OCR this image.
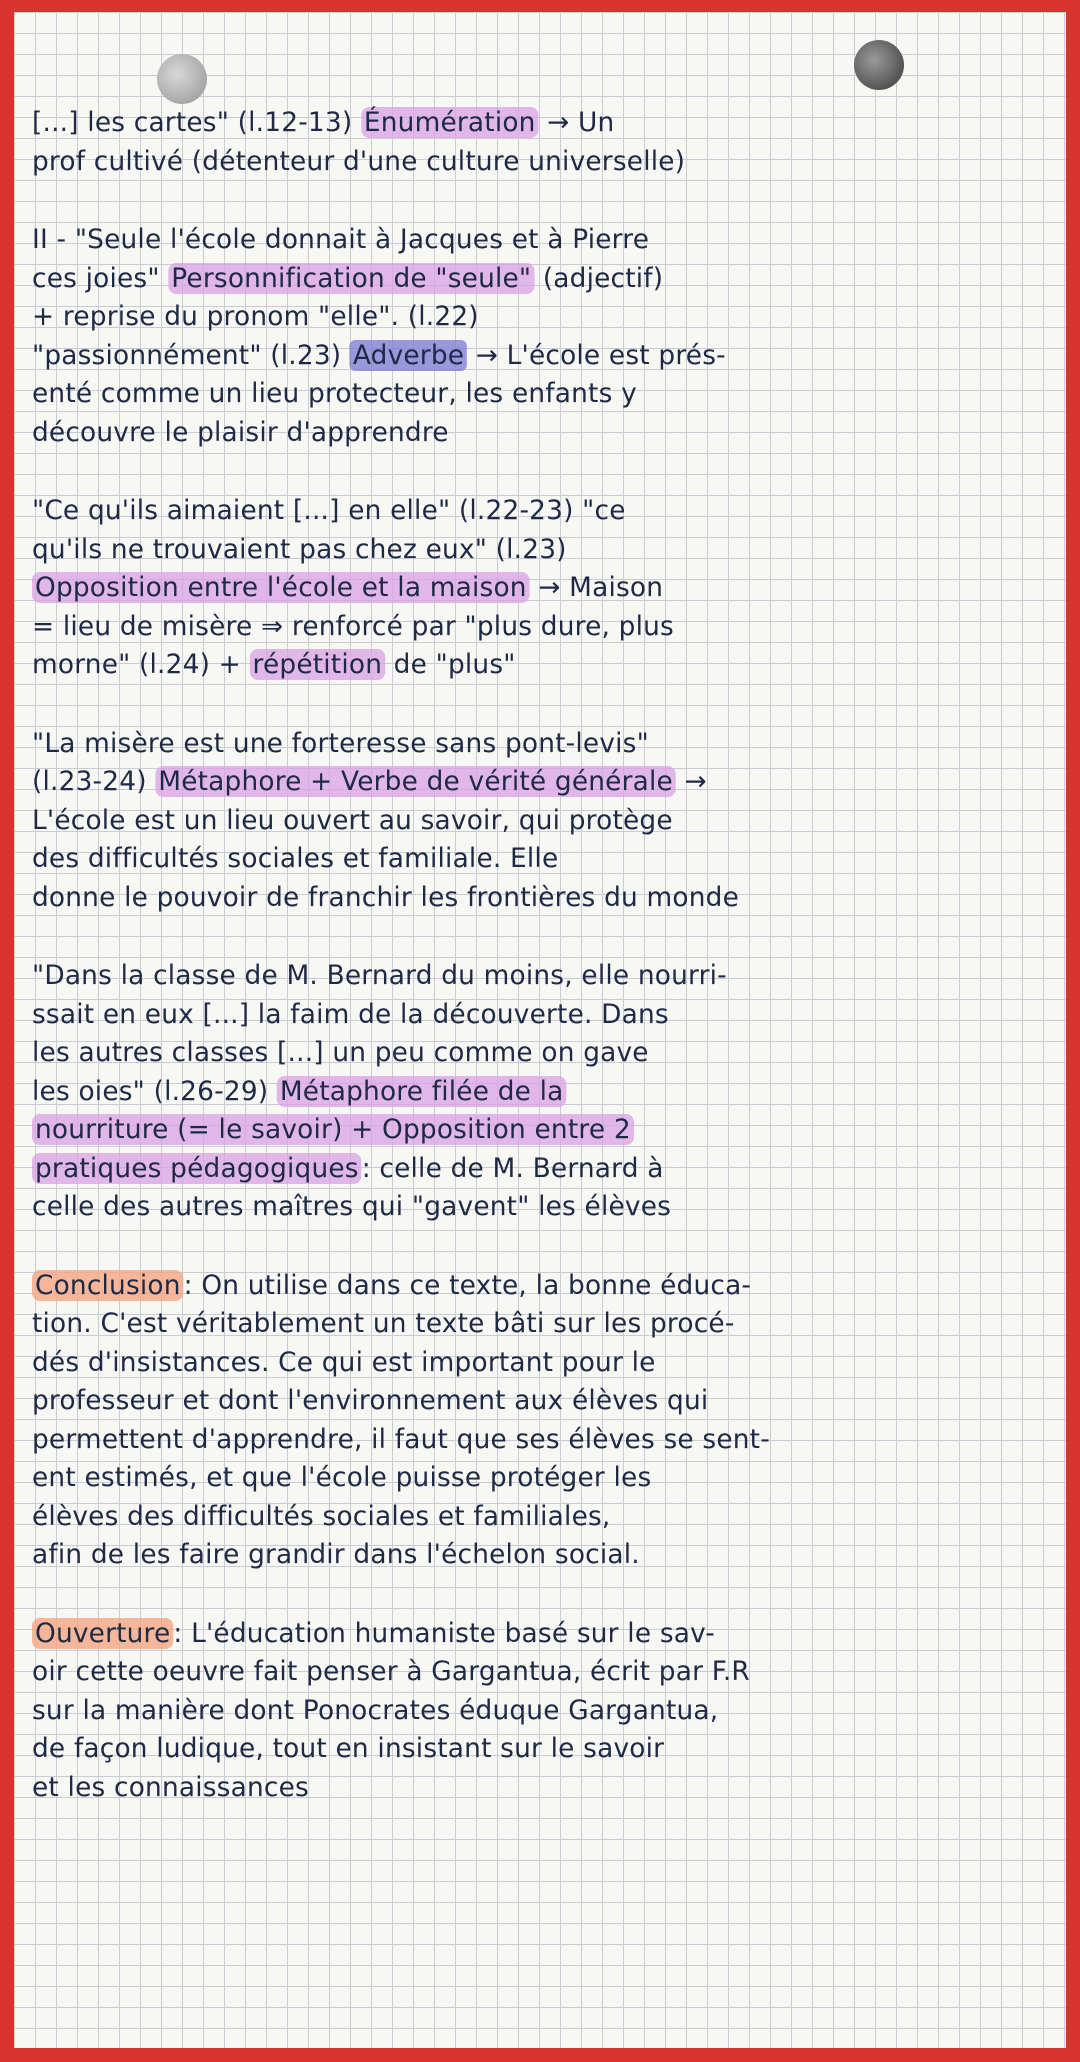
[...] les cartes" (l.12-13) Énumération → Un
prof cultivé (détenteur d'une culture universelle)
II - "Seule l'école donnait à Jacques et à Pierre
ces joies" Personnification de "seule" (adjectif)
+ reprise du pronom "elle". (l.22)
"passionnément" (l.23) Adverbe → L'école est prés-
enté comme un lieu protecteur, les enfants y
découvre le plaisir d'apprendre
"Ce qu'ils aimaient [...] en elle" (l.22-23) "ce
qu'ils ne trouvaient pas chez eux" (l.23)
Opposition entre l'école et la maison → Maison
= lieu de misère ⇒ renforcé par "plus dure, plus
morne" (l.24) + répétition de "plus"
"La misère est une forteresse sans pont-levis"
(l.23-24) Métaphore + Verbe de vérité générale →
L'école est un lieu ouvert au savoir, qui protège
des difficultés sociales et familiale. Elle
donne le pouvoir de franchir les frontières du monde
"Dans la classe de M. Bernard du moins, elle nourri-
ssait en eux [...] la faim de la découverte. Dans
les autres classes [...] un peu comme on gave
les oies" (l.26-29) Métaphore filée de la
nourriture (= le savoir) + Opposition entre 2
pratiques pédagogiques : celle de M. Bernard à
celle des autres maîtres qui "gavent" les élèves
Conclusion : On utilise dans ce texte, la bonne éduca-
tion. C'est véritablement un texte bâti sur les procé-
dés d'insistances. Ce qui est important pour le
professeur et dont l'environnement aux élèves qui
permettent d'apprendre, il faut que ses élèves se sent-
ent estimés, et que l'école puisse protéger les
élèves des difficultés sociales et familiales,
afin de les faire grandir dans l'échelon social.
Ouverture : L'éducation humaniste basé sur le sav-
oir cette oeuvre fait penser à Gargantua, écrit par F.R
sur la manière dont Ponocrates éduque Gargantua,
de façon ludique, tout en insistant sur le savoir
et les connaissances
